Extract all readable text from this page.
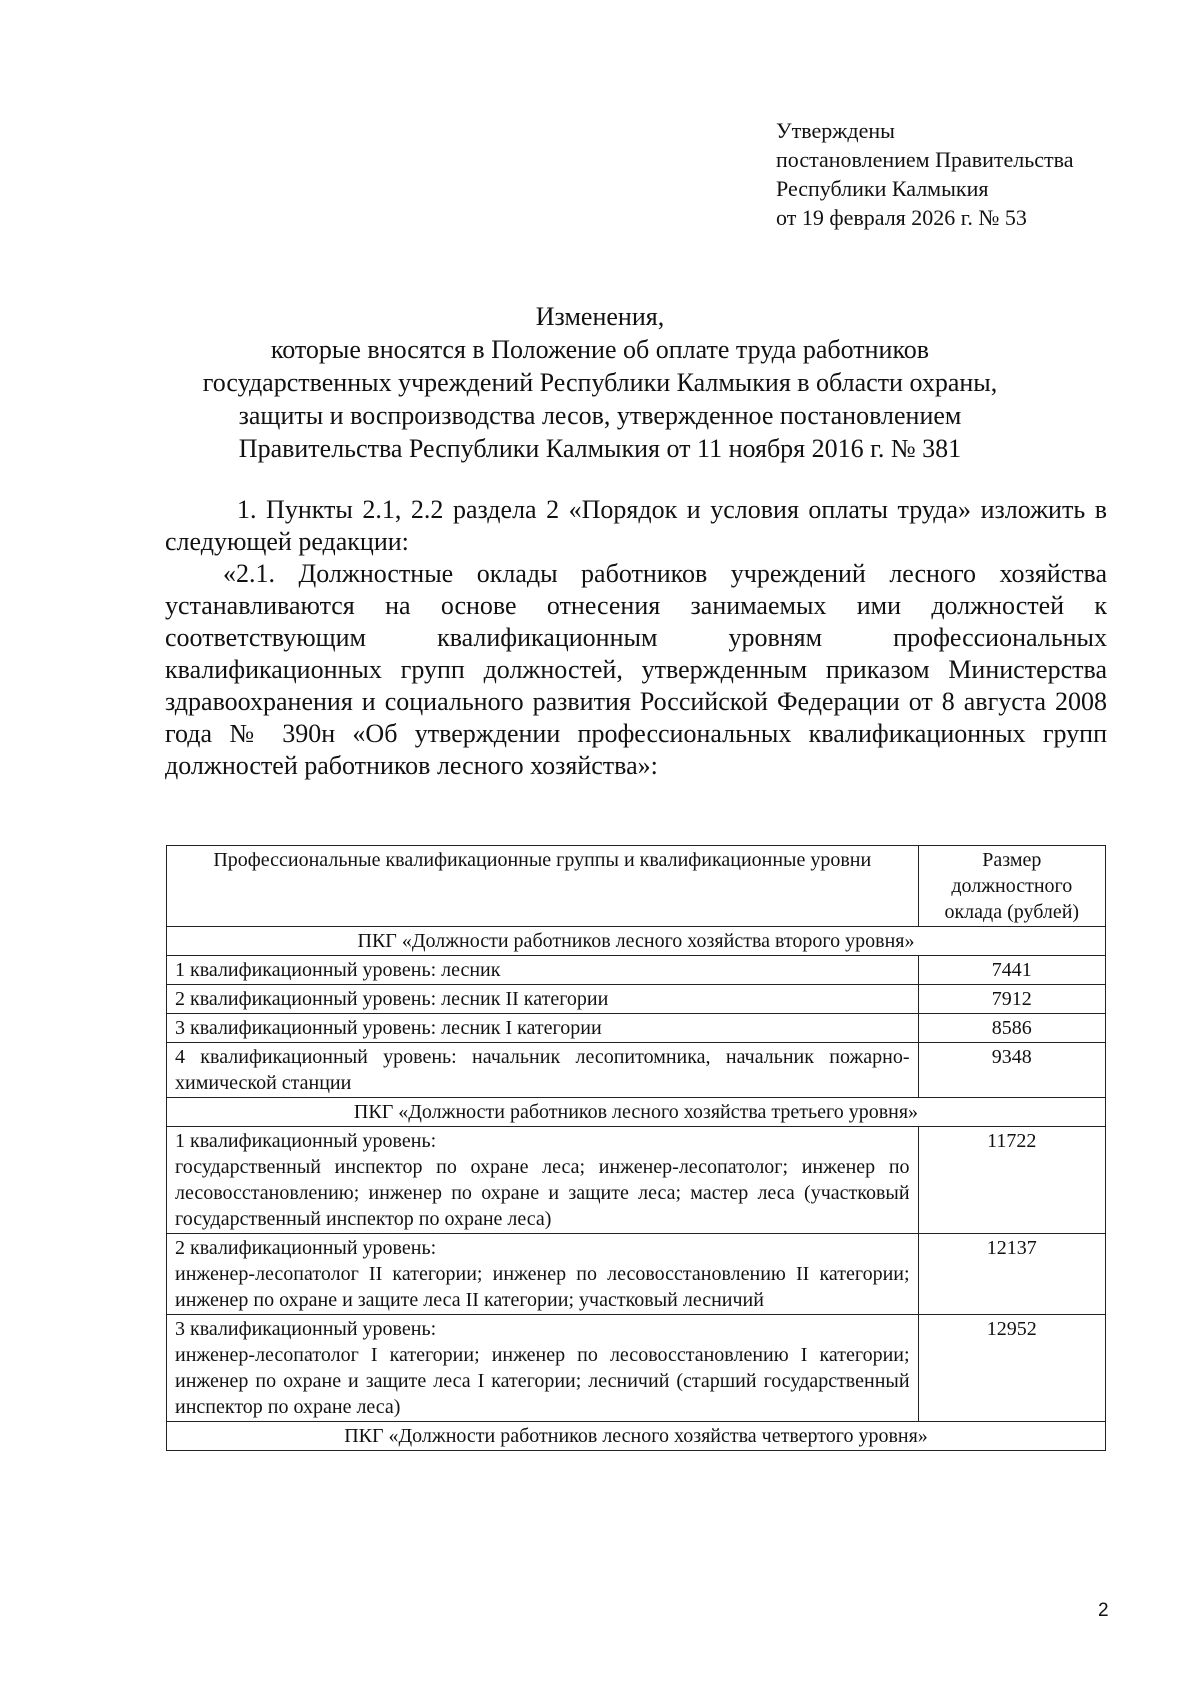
Утверждены
постановлением Правительства
Республики Калмыкия
от 19 февраля 2026 г. № 53
Изменения,
которые вносятся в Положение об оплате труда работников
государственных учреждений Республики Калмыкия в области охраны,
защиты и воспроизводства лесов, утвержденное постановлением
Правительства Республики Калмыкия от 11 ноября 2016 г. № 381

1. Пункты 2.1, 2.2 раздела 2 «Порядок и условия оплаты труда» изложить в следующей редакции:

«2.1. Должностные оклады работников учреждений лесного хозяйства устанавливаются на основе отнесения занимаемых ими должностей к соответствующим квалификационным уровням профессиональных квалификационных групп должностей, утвержденным приказом Министерства здравоохранения и социального развития Российской Федерации от 8 августа 2008 года № 390н «Об утверждении профессиональных квалификационных групп должностей работников лесного хозяйства»:

Профессиональные квалификационные группы и квалификационные уровни	Размер должностного оклада (рублей)
ПКГ «Должности работников лесного хозяйства второго уровня»	
1 квалификационный уровень: лесник	7441
2 квалификационный уровень: лесник II категории	7912
3 квалификационный уровень: лесник I категории	8586
4 квалификационный уровень: начальник лесопитомника, начальник пожарно-химической станции	9348
ПКГ «Должности работников лесного хозяйства третьего уровня»	

1 квалификационный уровень:
государственный инспектор по охране леса; инженер-лесопатолог; инженер по лесовосстановлению; инженер по охране и защите леса; мастер леса (участковый государственный инспектор по охране леса)	11722

2 квалификационный уровень:
инженер-лесопатолог II категории; инженер по лесовосстановлению II категории; инженер по охране и защите леса II категории; участковый лесничий	12137

3 квалификационный уровень:
инженер-лесопатолог I категории; инженер по лесовосстановлению I категории; инженер по охране и защите леса I категории; лесничий (старший государственный инспектор по охране леса)	12952
ПКГ «Должности работников лесного хозяйства четвертого уровня»	
2
